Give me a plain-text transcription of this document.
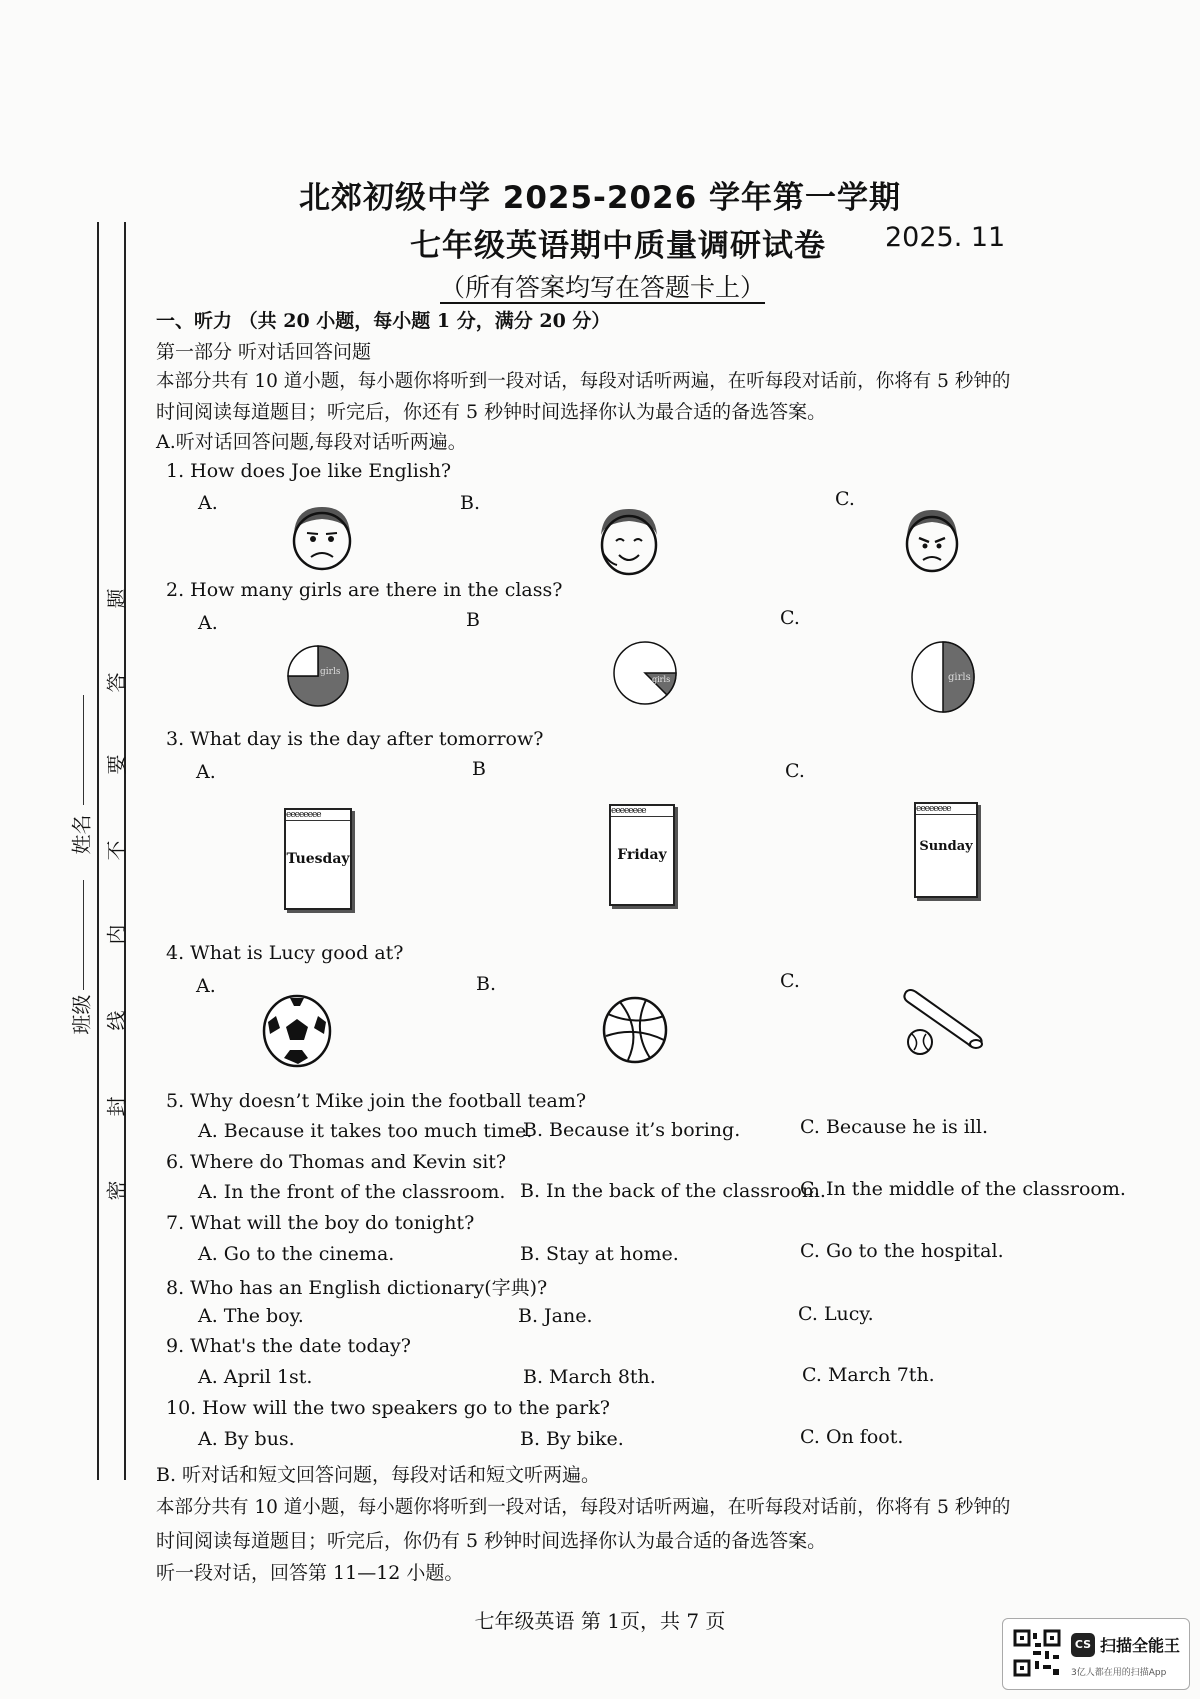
题
答
要
不
内
线
封
密
姓名
班级
北郊初级中学 2025-2026 学年第一学期
七年级英语期中质量调研试卷 2025. 11
（所有答案均写在答题卡上）
一、听力 （共 20 小题，每小题 1 分，满分 20 分）
第一部分 听对话回答问题
本部分共有 10 道小题，每小题你将听到一段对话，每段对话听两遍，在听每段对话前，你将有 5 秒钟的
时间阅读每道题目；听完后，你还有 5 秒钟时间选择你认为最合适的备选答案。
A.听对话回答问题,每段对话听两遍。
1. How does Joe like English?
A.	B.	C.
2. How many girls are there in the class?
A.	B	C.
girls
girls	girls
3. What day is the day after tomorrow?
A.	B	C.
eeeeeeee
Tuesday
eeeeeeee
Friday
eeeeeeee
Sunday
4. What is Lucy good at?
A.	B.	C.
5. Why doesn’t Mike join the football team?
A. Because it takes too much time.
B. Because it’s boring.	C. Because he is ill.
6. Where do Thomas and Kevin sit?
A. In the front of the classroom. B. In the back of the classroom.
C. In the middle of the classroom.
7. What will the boy do tonight?
A. Go to the cinema.	B. Stay at home.	C. Go to the hospital.
8. Who has an English dictionary(字典)?
A. The boy.	B. Jane.	C. Lucy.
9. What's the date today?
A. April 1st.	B. March 8th.	C. March 7th.
10. How will the two speakers go to the park?
A. By bus.	B. By bike.	C. On foot.
B. 听对话和短文回答问题，每段对话和短文听两遍。
本部分共有 10 道小题，每小题你将听到一段对话，每段对话听两遍，在听每段对话前，你将有 5 秒钟的
时间阅读每道题目；听完后，你仍有 5 秒钟时间选择你认为最合适的备选答案。
听一段对话，回答第 11—12 小题。
七年级英语 第 1页，共 7 页
CS 扫描全能王
3亿人都在用的扫描App
